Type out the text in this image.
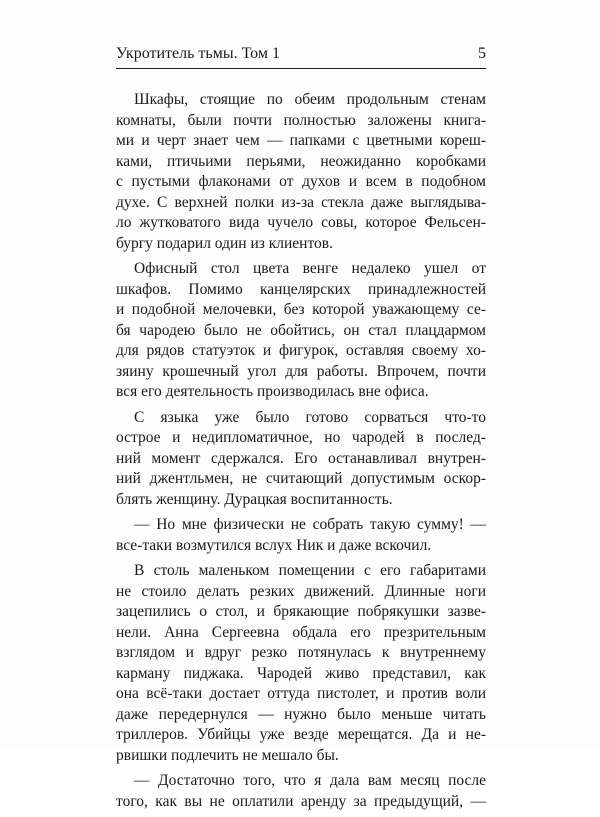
Укротитель тьмы. Том 1	5
Шкафы, стоящие по обеим продольным стенам
комнаты, были почти полностью заложены книга-
ми и черт знает чем — папками с цветными кореш-
ками, птичьими перьями, неожиданно коробками
с пустыми флаконами от духов и всем в подобном
духе. С верхней полки из-за стекла даже выглядыва-
ло жутковатого вида чучело совы, которое Фельсен-
бургу подарил один из клиентов.
Офисный стол цвета венге недалеко ушел от
шкафов. Помимо канцелярских принадлежностей
и подобной мелочевки, без которой уважающему се-
бя чародею было не обойтись, он стал плацдармом
для рядов статуэток и фигурок, оставляя своему хо-
зяину крошечный угол для работы. Впрочем, почти
вся его деятельность производилась вне офиса.
С языка уже было готово сорваться что-то
острое и недипломатичное, но чародей в послед-
ний момент сдержался. Его останавливал внутрен-
ний джентльмен, не считающий допустимым оскор-
блять женщину. Дурацкая воспитанность.
— Но мне физически не собрать такую сумму! —
все-таки возмутился вслух Ник и даже вскочил.
В столь маленьком помещении с его габаритами
не стоило делать резких движений. Длинные ноги
зацепились о стол, и брякающие побрякушки зазве-
нели. Анна Сергеевна обдала его презрительным
взглядом и вдруг резко потянулась к внутреннему
карману пиджака. Чародей живо представил, как
она всё-таки достает оттуда пистолет, и против воли
даже передернулся — нужно было меньше читать
триллеров. Убийцы уже везде мерещатся. Да и не-
рвишки подлечить не мешало бы.
— Достаточно того, что я дала вам месяц после
того, как вы не оплатили аренду за предыдущий, —
